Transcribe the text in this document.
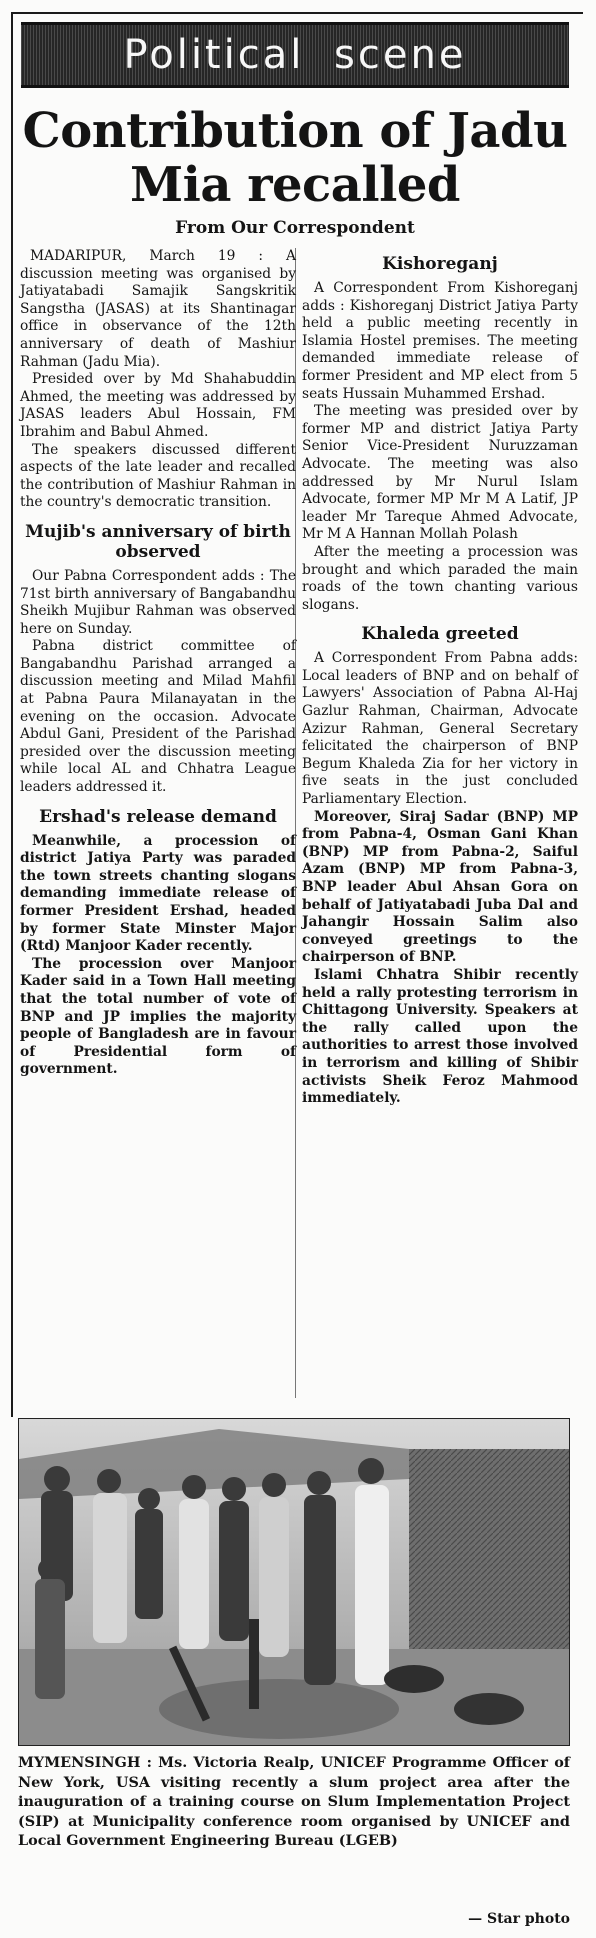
Political scene
Contribution of Jadu Mia recalled
From Our Correspondent

MADARIPUR, March 19 : A discussion meeting was organised by Jatiyatabadi Samajik Sangskritik Sangstha (JASAS) at its Shantinagar office in observance of the 12th anniversary of death of Mashiur Rahman (Jadu Mia).

Presided over by Md Shahabuddin Ahmed, the meeting was addressed by JASAS leaders Abul Hossain, FM Ibrahim and Babul Ahmed.

The speakers discussed different aspects of the late leader and recalled the contribution of Mashiur Rahman in the country's democratic transition.

Mujib's anniversary of birth observed

Our Pabna Correspondent adds : The 71st birth anniversary of Bangabandhu Sheikh Mujibur Rahman was observed here on Sunday.

Pabna district committee of Bangabandhu Parishad arranged a discussion meeting and Milad Mahfil at Pabna Paura Milanayatan in the evening on the occasion. Advocate Abdul Gani, President of the Parishad presided over the discussion meeting while local AL and Chhatra League leaders addressed it.

Ershad's release demand

Meanwhile, a procession of district Jatiya Party was paraded the town streets chanting slogans demanding immediate release of former President Ershad, headed by former State Minster Major (Rtd) Manjoor Kader recently.

The procession over Manjoor Kader said in a Town Hall meeting that the total number of vote of BNP and JP implies the majority people of Bangladesh are in favour of Presidential form of government.

Kishoreganj

A Correspondent From Kishoreganj adds : Kishoreganj District Jatiya Party held a public meeting recently in Islamia Hostel premises. The meeting demanded immediate release of former President and MP elect from 5 seats Hussain Muhammed Ershad.

The meeting was presided over by former MP and district Jatiya Party Senior Vice-President Nuruzzaman Advocate. The meeting was also addressed by Mr Nurul Islam Advocate, former MP Mr M A Latif, JP leader Mr Tareque Ahmed Advocate, Mr M A Hannan Mollah Polash

After the meeting a procession was brought and which paraded the main roads of the town chanting various slogans.

Khaleda greeted

A Correspondent From Pabna adds: Local leaders of BNP and on behalf of Lawyers' Association of Pabna Al-Haj Gazlur Rahman, Chairman, Advocate Azizur Rahman, General Secretary felicitated the chairperson of BNP Begum Khaleda Zia for her victory in five seats in the just concluded Parliamentary Election.

Moreover, Siraj Sadar (BNP) MP from Pabna-4, Osman Gani Khan (BNP) MP from Pabna-2, Saiful Azam (BNP) MP from Pabna-3, BNP leader Abul Ahsan Gora on behalf of Jatiyatabadi Juba Dal and Jahangir Hossain Salim also conveyed greetings to the chairperson of BNP.

Islami Chhatra Shibir recently held a rally protesting terrorism in Chittagong University. Speakers at the rally called upon the authorities to arrest those involved in terrorism and killing of Shibir activists Sheik Feroz Mahmood immediately.

MYMENSINGH : Ms. Victoria Realp, UNICEF Programme Officer of New York, USA visiting recently a slum project area after the inauguration of a training course on Slum Implementation Project (SIP) at Municipality conference room organised by UNICEF and Local Government Engineering Bureau (LGEB)
— Star photo
